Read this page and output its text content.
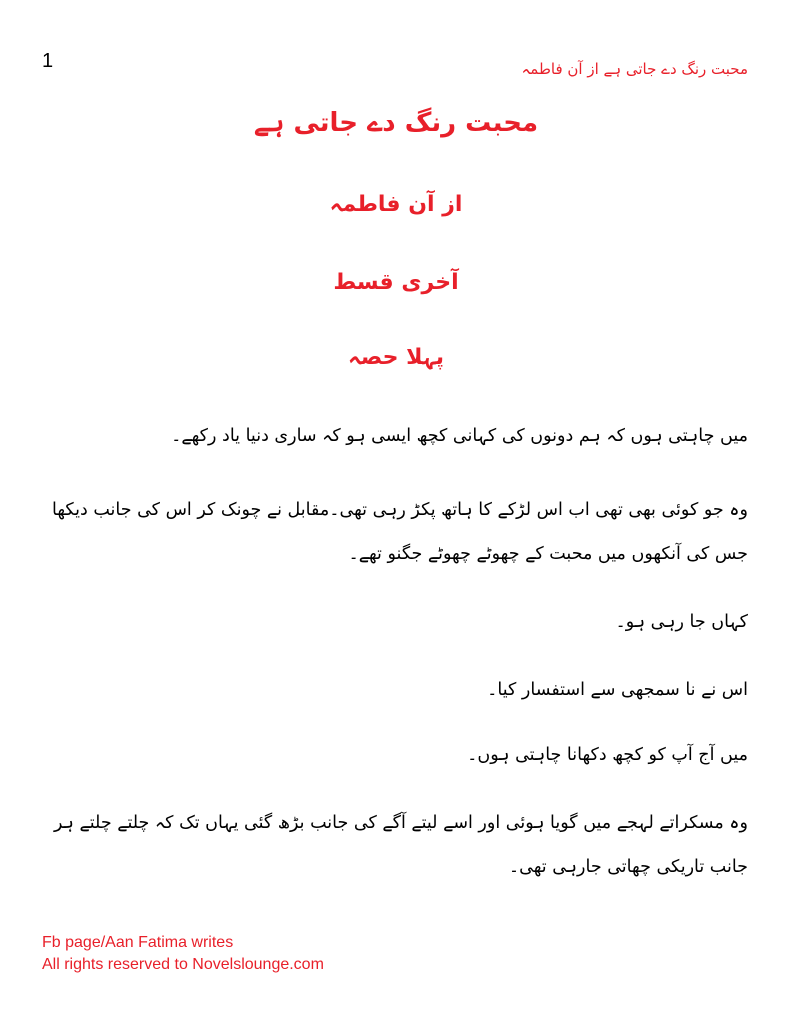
1	محبت رنگ دے جاتی ہے از آن فاطمہ
محبت رنگ دے جاتی ہے
از آن فاطمہ
آخری قسط
پہلا حصہ
میں چاہتی ہوں کہ ہم دونوں کی کہانی کچھ ایسی ہو کہ ساری دنیا یاد رکھے۔
وہ جو کوئی بھی تھی اب اس لڑکے کا ہاتھ پکڑ رہی تھی۔مقابل نے چونک کر اس کی جانب دیکھا
جس کی آنکھوں میں محبت کے چھوٹے چھوٹے جگنو تھے۔
کہاں جا رہی ہو۔
اس نے نا سمجھی سے استفسار کیا۔
میں آج آپ کو کچھ دکھانا چاہتی ہوں۔
وہ مسکراتے لہجے میں گویا ہوئی اور اسے لیتے آگے کی جانب بڑھ گئی یہاں تک کہ چلتے چلتے ہر
جانب تاریکی چھاتی جارہی تھی۔
Fb page/Aan Fatima writes
All rights reserved to Novelslounge.com
